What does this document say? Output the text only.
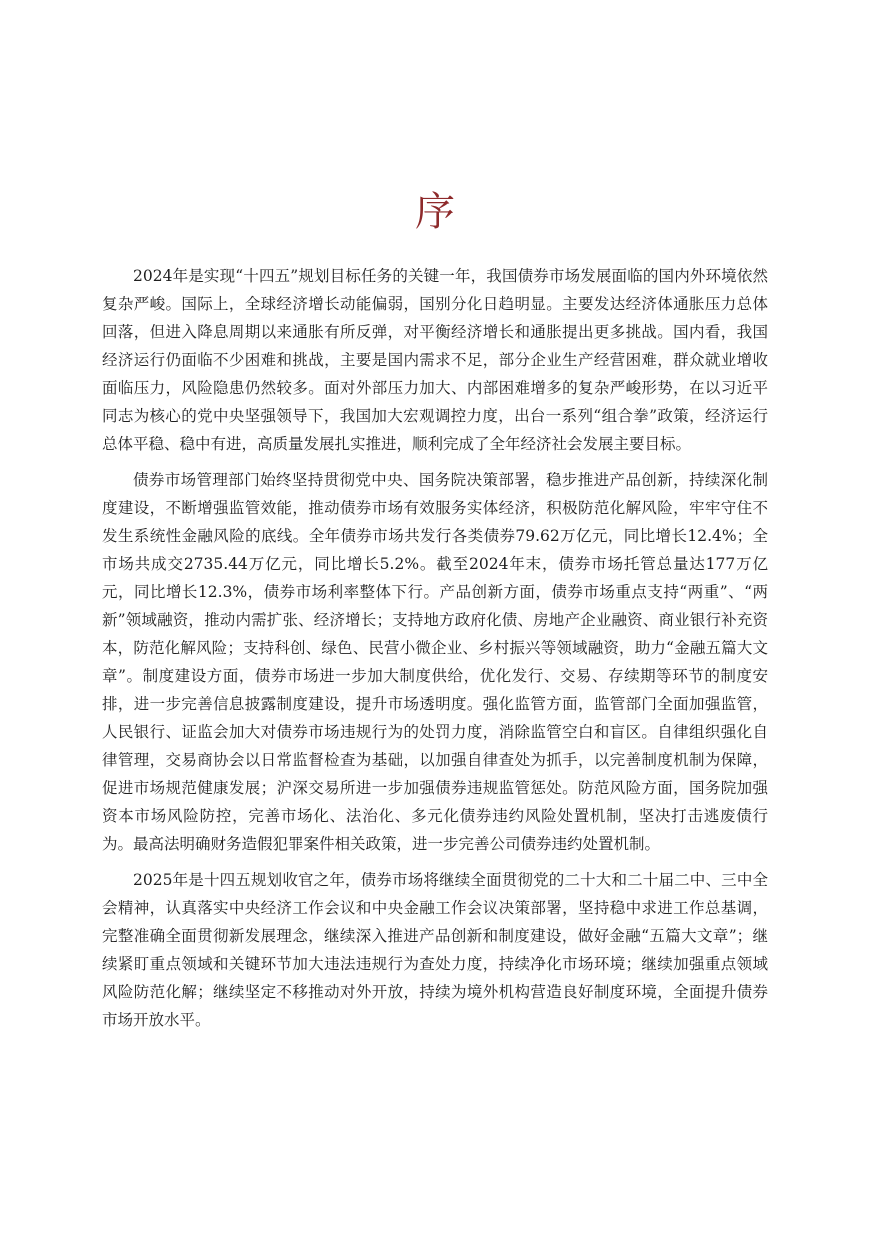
序

2024年是实现“十四五”规划目标任务的关键一年，我国债券市场发展面临的国内外环境依然复杂严峻。国际上，全球经济增长动能偏弱，国别分化日趋明显。主要发达经济体通胀压力总体回落，但进入降息周期以来通胀有所反弹，对平衡经济增长和通胀提出更多挑战。国内看，我国经济运行仍面临不少困难和挑战，主要是国内需求不足，部分企业生产经营困难，群众就业增收面临压力，风险隐患仍然较多。面对外部压力加大、内部困难增多的复杂严峻形势，在以习近平同志为核心的党中央坚强领导下，我国加大宏观调控力度，出台一系列“组合拳”政策，经济运行总体平稳、稳中有进，高质量发展扎实推进，顺利完成了全年经济社会发展主要目标。

债券市场管理部门始终坚持贯彻党中央、国务院决策部署，稳步推进产品创新，持续深化制度建设，不断增强监管效能，推动债券市场有效服务实体经济，积极防范化解风险，牢牢守住不发生系统性金融风险的底线。全年债券市场共发行各类债券79.62万亿元，同比增长12.4%；全市场共成交2735.44万亿元，同比增长5.2%。截至2024年末，债券市场托管总量达177万亿元，同比增长12.3%，债券市场利率整体下行。产品创新方面，债券市场重点支持“两重”、“两新”领域融资，推动内需扩张、经济增长；支持地方政府化债、房地产企业融资、商业银行补充资本，防范化解风险；支持科创、绿色、民营小微企业、乡村振兴等领域融资，助力“金融五篇大文章”。制度建设方面，债券市场进一步加大制度供给，优化发行、交易、存续期等环节的制度安排，进一步完善信息披露制度建设，提升市场透明度。强化监管方面，监管部门全面加强监管，人民银行、证监会加大对债券市场违规行为的处罚力度，消除监管空白和盲区。自律组织强化自律管理，交易商协会以日常监督检查为基础，以加强自律查处为抓手，以完善制度机制为保障，促进市场规范健康发展；沪深交易所进一步加强债券违规监管惩处。防范风险方面，国务院加强资本市场风险防控，完善市场化、法治化、多元化债券违约风险处置机制，坚决打击逃废债行为。最高法明确财务造假犯罪案件相关政策，进一步完善公司债券违约处置机制。

2025年是十四五规划收官之年，债券市场将继续全面贯彻党的二十大和二十届二中、三中全会精神，认真落实中央经济工作会议和中央金融工作会议决策部署，坚持稳中求进工作总基调，完整准确全面贯彻新发展理念，继续深入推进产品创新和制度建设，做好金融“五篇大文章”；继续紧盯重点领域和关键环节加大违法违规行为查处力度，持续净化市场环境；继续加强重点领域风险防范化解；继续坚定不移推动对外开放，持续为境外机构营造良好制度环境，全面提升债券市场开放水平。
